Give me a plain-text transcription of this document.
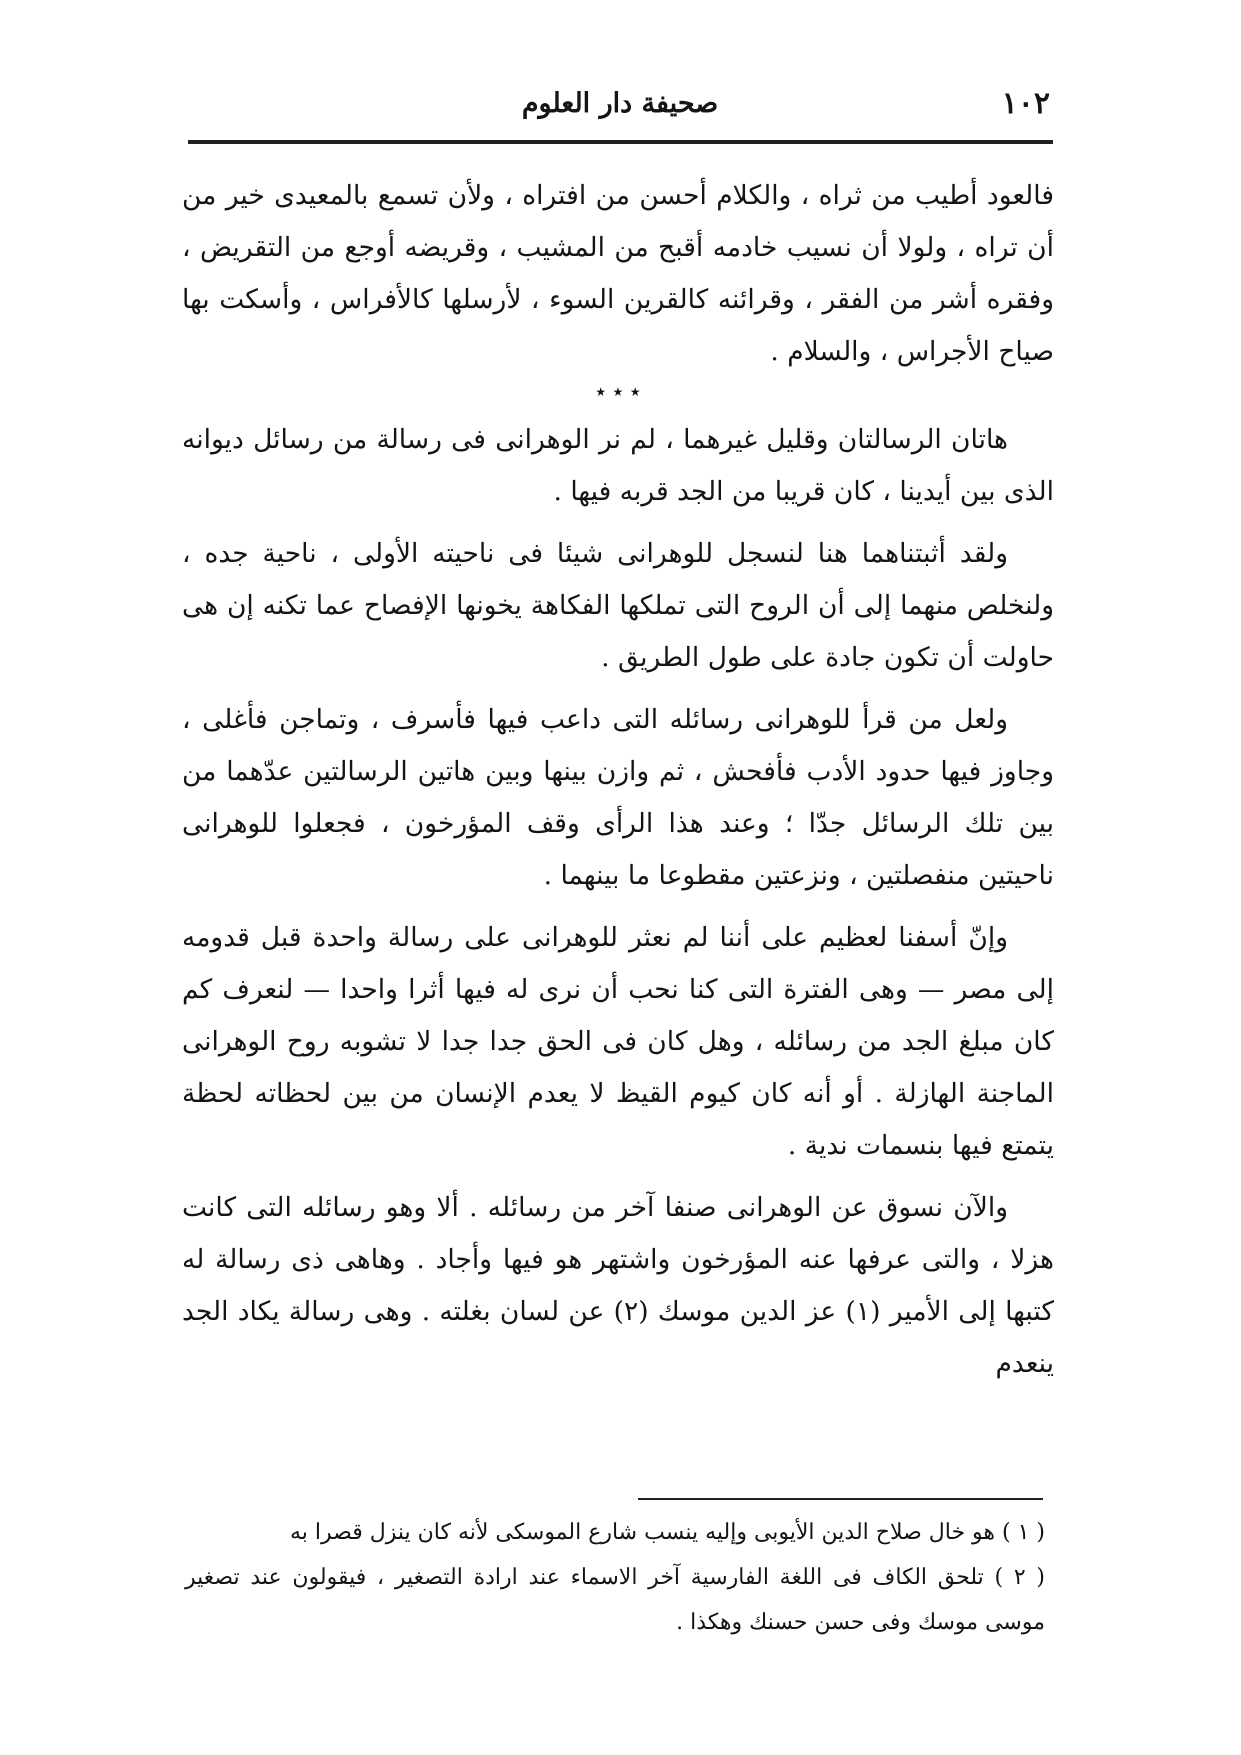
١٠٢
صحيفة دار العلوم

فالعود أطيب من ثراه ، والكلام أحسن من افتراه ، ولأن تسمع بالمعيدى خير من أن تراه ، ولولا أن نسيب خادمه أقبح من المشيب ، وقريضه أوجع من التقريض ، وفقره أشر من الفقر ، وقرائنه كالقرين السوء ، لأرسلها كالأفراس ، وأسكت بها صياح الأجراس ، والسلام .

٭ ٭ ٭

هاتان الرسالتان وقليل غيرهما ، لم نر الوهرانى فى رسالة من رسائل ديوانه الذى بين أيدينا ، كان قريبا من الجد قربه فيها .

ولقد أثبتناهما هنا لنسجل للوهرانى شيئا فى ناحيته الأولى ، ناحية جده ، ولنخلص منهما إلى أن الروح التى تملكها الفكاهة يخونها الإفصاح عما تكنه إن هى حاولت أن تكون جادة على طول الطريق .

ولعل من قرأ للوهرانى رسائله التى داعب فيها فأسرف ، وتماجن فأغلى ، وجاوز فيها حدود الأدب فأفحش ، ثم وازن بينها وبين هاتين الرسالتين عدّهما من بين تلك الرسائل جدّا ؛ وعند هذا الرأى وقف المؤرخون ، فجعلوا للوهرانى ناحيتين منفصلتين ، ونزعتين مقطوعا ما بينهما .

وإنّ أسفنا لعظيم على أننا لم نعثر للوهرانى على رسالة واحدة قبل قدومه إلى مصر — وهى الفترة التى كنا نحب أن نرى له فيها أثرا واحدا — لنعرف كم كان مبلغ الجد من رسائله ، وهل كان فى الحق جدا جدا لا تشوبه روح الوهرانى الماجنة الهازلة . أو أنه كان كيوم القيظ لا يعدم الإنسان من بين لحظاته لحظة يتمتع فيها بنسمات ندية .

والآن نسوق عن الوهرانى صنفا آخر من رسائله . ألا وهو رسائله التى كانت هزلا ، والتى عرفها عنه المؤرخون واشتهر هو فيها وأجاد . وهاهى ذى رسالة له كتبها إلى الأمير (١) عز الدين موسك (٢) عن لسان بغلته . وهى رسالة يكاد الجد ينعدم

( ١ ) هو خال صلاح الدين الأيوبى وإليه ينسب شارع الموسكى لأنه كان ينزل قصرا به

( ٢ ) تلحق الكاف فى اللغة الفارسية آخر الاسماء عند ارادة التصغير ، فيقولون عند تصغير موسى موسك وفى حسن حسنك وهكذا .
